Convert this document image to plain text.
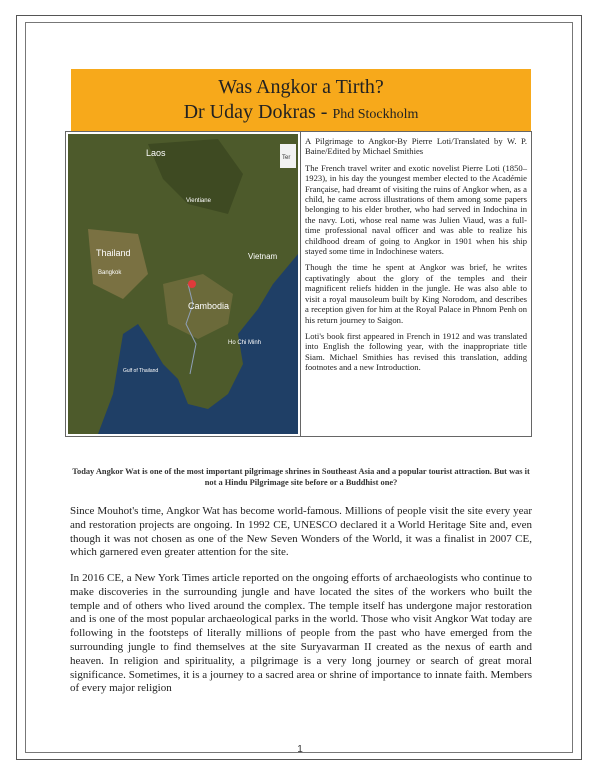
Was Angkor a Tirth?
Dr Uday Dokras - Phd Stockholm
Laos
Thailand
Vientiane
Bangkok
Cambodia
Gulf of Thailand
Vietnam
Ho Chi Minh
Ter

A Pilgrimage to Angkor-By Pierre Loti/Translated by W. P. Baine/Edited by Michael Smithies

The French travel writer and exotic novelist Pierre Loti (1850–1923), in his day the youngest member elected to the Académie Française, had dreamt of visiting the ruins of Angkor when, as a child, he came across illustrations of them among some papers belonging to his elder brother, who had served in Indochina in the navy. Loti, whose real name was Julien Viaud, was a full-time professional naval officer and was able to realize his childhood dream of going to Angkor in 1901 when his ship stayed some time in Indochinese waters.

Though the time he spent at Angkor was brief, he writes captivatingly about the glory of the temples and their magnificent reliefs hidden in the jungle. He was also able to visit a royal mausoleum built by King Norodom, and describes a reception given for him at the Royal Palace in Phnom Penh on his return journey to Saigon.

Loti's book first appeared in French in 1912 and was translated into English the following year, with the inappropriate title Siam. Michael Smithies has revised this translation, adding footnotes and a new Introduction.

Today Angkor Wat is one of the most important pilgrimage shrines in Southeast Asia and a popular tourist attraction. But was it not a Hindu Pilgrimage site before or a Buddhist one?

Since Mouhot's time, Angkor Wat has become world-famous. Millions of people visit the site every year and restoration projects are ongoing. In 1992 CE, UNESCO declared it a World Heritage Site and, even though it was not chosen as one of the New Seven Wonders of the World, it was a finalist in 2007 CE, which garnered even greater attention for the site.

In 2016 CE, a New York Times article reported on the ongoing efforts of archaeologists who continue to make discoveries in the surrounding jungle and have located the sites of the workers who built the temple and of others who lived around the complex. The temple itself has undergone major restoration and is one of the most popular archaeological parks in the world. Those who visit Angkor Wat today are following in the footsteps of literally millions of people from the past who have emerged from the surrounding jungle to find themselves at the site Suryavarman II created as the nexus of earth and heaven. In religion and spirituality, a pilgrimage is a very long journey or search of great moral significance. Sometimes, it is a journey to a sacred area or shrine of importance to innate faith. Members of every major religion

1
